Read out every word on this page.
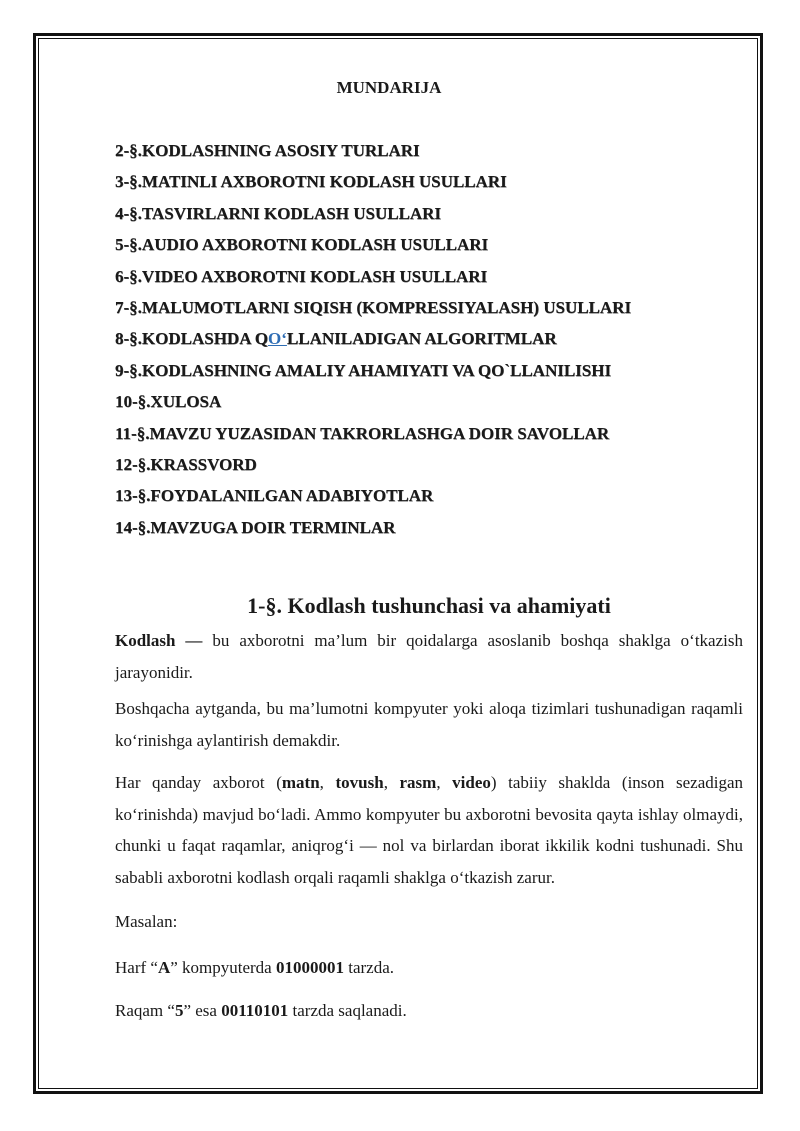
MUNDARIJA
2-§.KODLASHNING ASOSIY TURLARI
3-§.MATINLI AXBOROTNI KODLASH USULLARI
4-§.TASVIRLARNI KODLASH USULLARI
5-§.AUDIO AXBOROTNI KODLASH USULLARI
6-§.VIDEO AXBOROTNI KODLASH USULLARI
7-§.MALUMOTLARNI SIQISH (KOMPRESSIYALASH) USULLARI
8-§.KODLASHDA QO‘LLANILADIGAN ALGORITMLAR
9-§.KODLASHNING AMALIY AHAMIYATI VA QO`LLANILISHI
10-§.XULOSA
11-§.MAVZU YUZASIDAN TAKRORLASHGA DOIR SAVOLLAR
12-§.KRASSVORD
13-§.FOYDALANILGAN ADABIYOTLAR
14-§.MAVZUGA DOIR TERMINLAR
1-§. Kodlash tushunchasi va ahamiyati

Kodlash — bu axborotni ma’lum bir qoidalarga asoslanib boshqa shaklga o‘tkazish jarayonidir.

Boshqacha aytganda, bu ma’lumotni kompyuter yoki aloqa tizimlari tushunadigan raqamli ko‘rinishga aylantirish demakdir.

Har qanday axborot (matn, tovush, rasm, video) tabiiy shaklda (inson sezadigan ko‘rinishda) mavjud bo‘ladi. Ammo kompyuter bu axborotni bevosita qayta ishlay olmaydi, chunki u faqat raqamlar, aniqrog‘i — nol va birlardan iborat ikkilik kodni tushunadi. Shu sababli axborotni kodlash orqali raqamli shaklga o‘tkazish zarur.

Masalan:

Harf “A” kompyuterda 01000001 tarzda.

Raqam “5” esa 00110101 tarzda saqlanadi.
